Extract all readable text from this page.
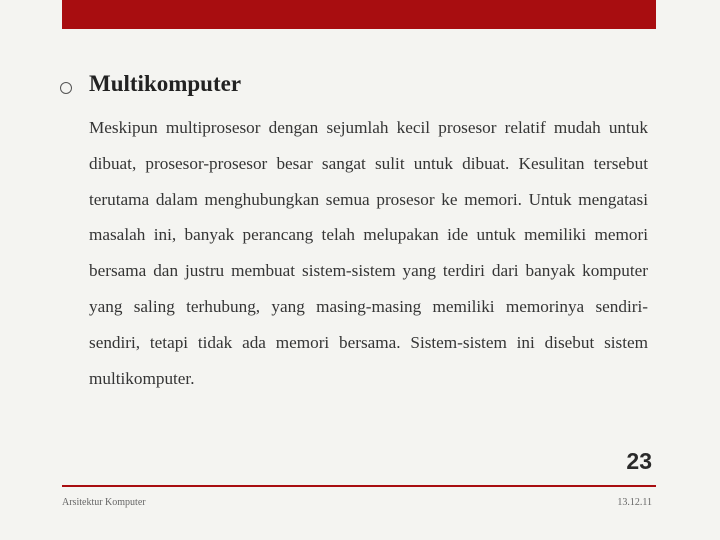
Multikomputer

Meskipun multiprosesor dengan sejumlah kecil prosesor relatif mudah untuk dibuat, prosesor-prosesor besar sangat sulit untuk dibuat. Kesulitan tersebut terutama dalam menghubungkan semua prosesor ke memori. Untuk mengatasi masalah ini, banyak perancang telah melupakan ide untuk memiliki memori bersama dan justru membuat sistem-sistem yang terdiri dari banyak komputer yang saling terhubung, yang masing-masing memiliki memorinya sendiri-sendiri, tetapi tidak ada memori bersama. Sistem-sistem ini disebut sistem multikomputer.

23
Arsitektur Komputer	13.12.11
